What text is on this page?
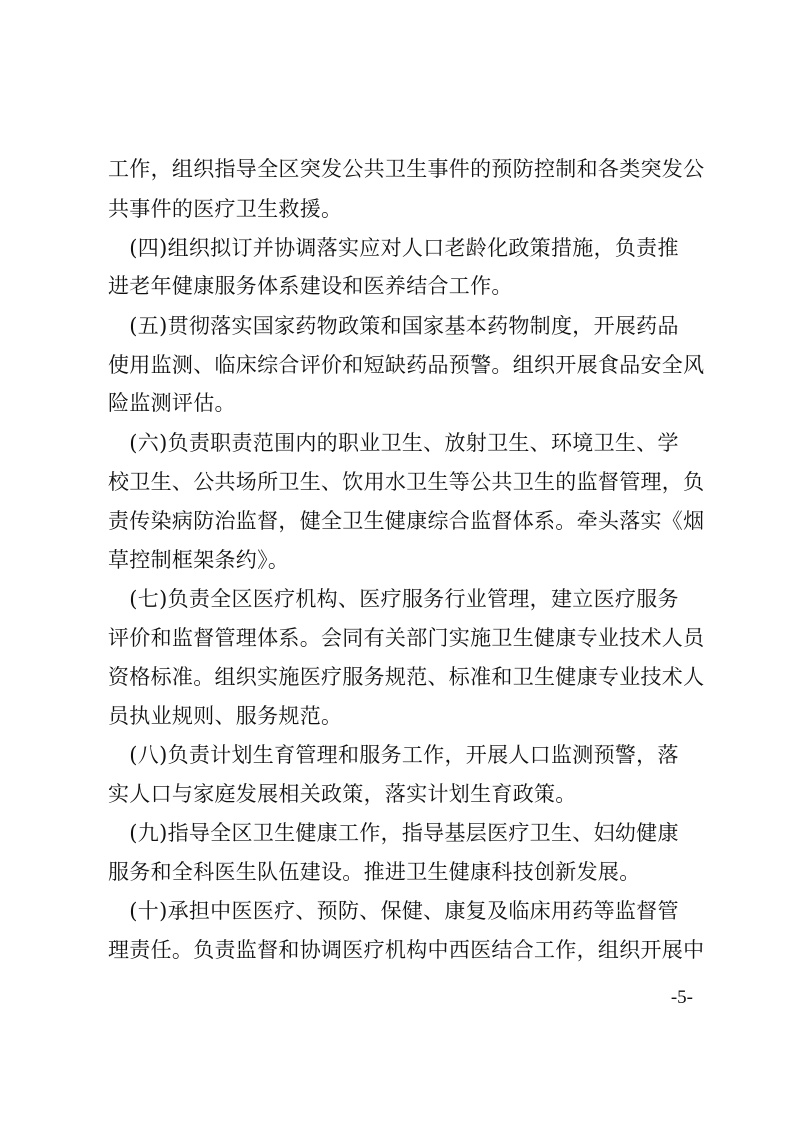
工作，组织指导全区突发公共卫生事件的预防控制和各类突发公
共事件的医疗卫生救援。
　(四)组织拟订并协调落实应对人口老龄化政策措施，负责推
进老年健康服务体系建设和医养结合工作。
　(五)贯彻落实国家药物政策和国家基本药物制度，开展药品
使用监测、临床综合评价和短缺药品预警。组织开展食品安全风
险监测评估。
　(六)负责职责范围内的职业卫生、放射卫生、环境卫生、学
校卫生、公共场所卫生、饮用水卫生等公共卫生的监督管理，负
责传染病防治监督，健全卫生健康综合监督体系。牵头落实《烟
草控制框架条约》。
　(七)负责全区医疗机构、医疗服务行业管理，建立医疗服务
评价和监督管理体系。会同有关部门实施卫生健康专业技术人员
资格标准。组织实施医疗服务规范、标准和卫生健康专业技术人
员执业规则、服务规范。
　(八)负责计划生育管理和服务工作，开展人口监测预警，落
实人口与家庭发展相关政策，落实计划生育政策。
　(九)指导全区卫生健康工作，指导基层医疗卫生、妇幼健康
服务和全科医生队伍建设。推进卫生健康科技创新发展。
　(十)承担中医医疗、预防、保健、康复及临床用药等监督管
理责任。负责监督和协调医疗机构中西医结合工作，组织开展中
-5-
